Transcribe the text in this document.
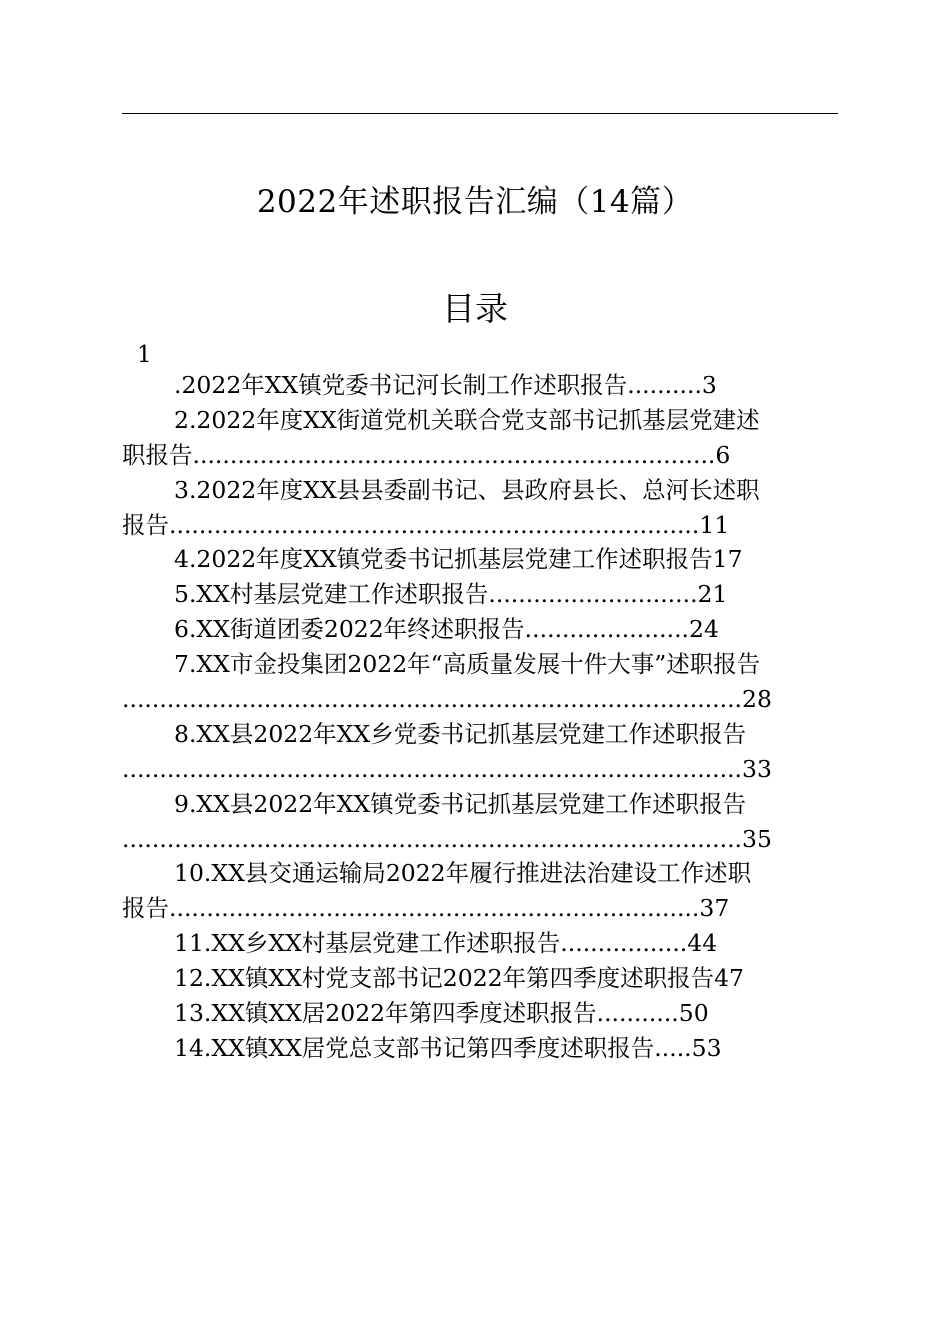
2022年述职报告汇编（14篇）
目录
1
.2022年XX镇党委书记河长制工作述职报告..........3
2.2022年度XX街道党机关联合党支部书记抓基层党建述
职报告......................................................................6
3.2022年度XX县县委副书记、县政府县长、总河长述职
报告.......................................................................11
4.2022年度XX镇党委书记抓基层党建工作述职报告17
5.XX村基层党建工作述职报告............................21
6.XX街道团委2022年终述职报告......................24
7.XX市金投集团2022年“高质量发展十件大事”述职报告
...................................................................................28
8.XX县2022年XX乡党委书记抓基层党建工作述职报告
...................................................................................33
9.XX县2022年XX镇党委书记抓基层党建工作述职报告
...................................................................................35
10.XX县交通运输局2022年履行推进法治建设工作述职
报告.......................................................................37
11.XX乡XX村基层党建工作述职报告.................44
12.XX镇XX村党支部书记2022年第四季度述职报告47
13.XX镇XX居2022年第四季度述职报告...........50
14.XX镇XX居党总支部书记第四季度述职报告.....53
